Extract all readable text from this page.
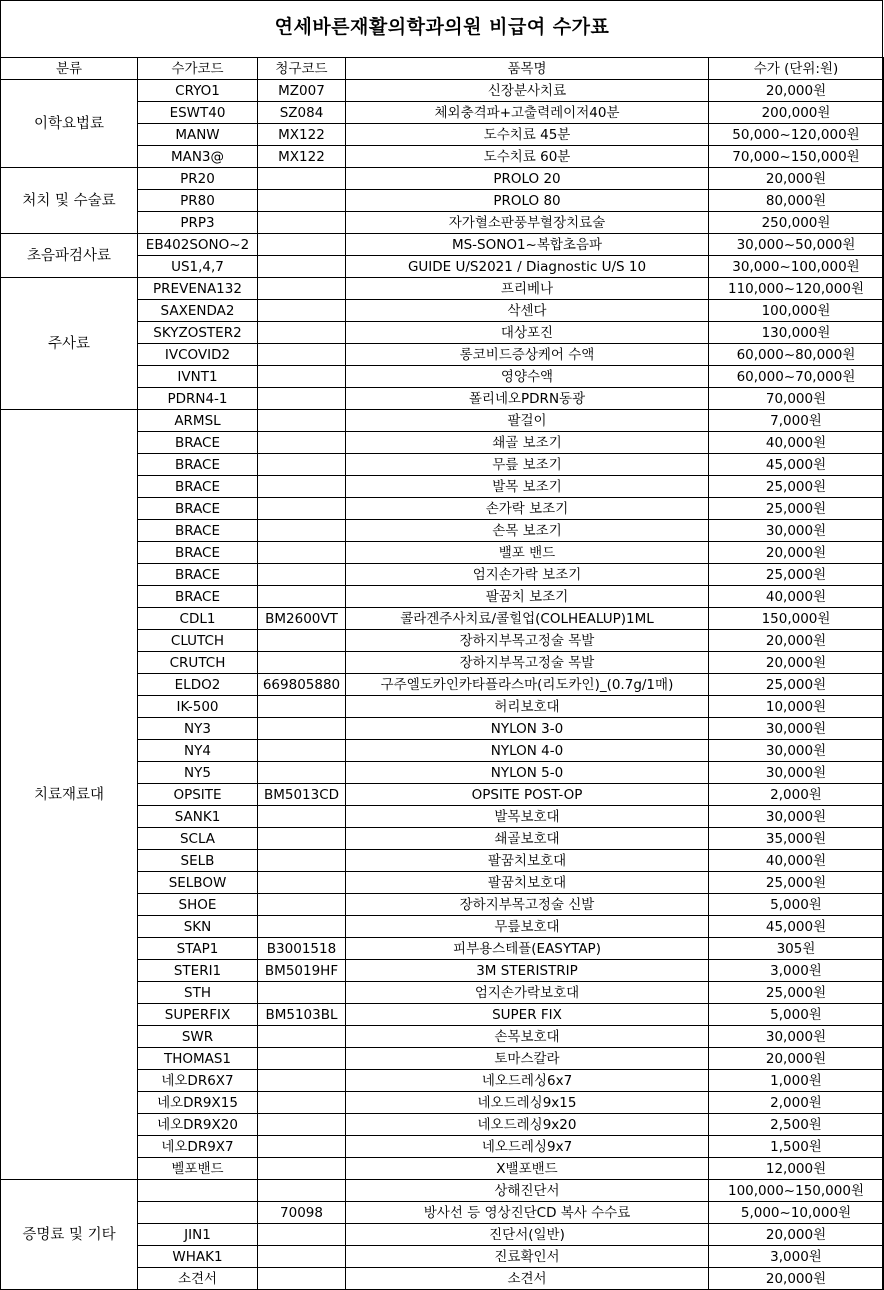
연세바른재활의학과의원 비급여 수가표
분류	수가코드	청구코드	품목명	수가 (단위:원)
이학요법료	CRYO1	MZ007	신장분사치료	20,000원
	ESWT40	SZ084	체외충격파+고출력레이저40분	200,000원
	MANW	MX122	도수치료 45분	50,000~120,000원
	MAN3@	MX122	도수치료 60분	70,000~150,000원
처치 및 수술료	PR20		PROLO 20	20,000원
	PR80		PROLO 80	80,000원
	PRP3		자가혈소판풍부혈장치료술	250,000원
초음파검사료	EB402SONO~2		MS-SONO1~복합초음파	30,000~50,000원
	US1,4,7		GUIDE U/S2021 / Diagnostic U/S 10	30,000~100,000원
주사료	PREVENA132		프리베나	110,000~120,000원
	SAXENDA2		삭센다	100,000원
	SKYZOSTER2		대상포진	130,000원
	IVCOVID2		롱코비드증상케어 수액	60,000~80,000원
	IVNT1		영양수액	60,000~70,000원
	PDRN4-1		폴리네오PDRN동광	70,000원
치료재료대	ARMSL		팔걸이	7,000원
	BRACE		쇄골 보조기	40,000원
	BRACE		무릎 보조기	45,000원
	BRACE		발목 보조기	25,000원
	BRACE		손가락 보조기	25,000원
	BRACE		손목 보조기	30,000원
	BRACE		밸포 밴드	20,000원
	BRACE		엄지손가락 보조기	25,000원
	BRACE		팔꿈치 보조기	40,000원
	CDL1	BM2600VT	콜라겐주사치료/콜힐업(COLHEALUP)1ML	150,000원
	CLUTCH		장하지부목고정술 목발	20,000원
	CRUTCH		장하지부목고정술 목발	20,000원
	ELDO2	669805880	구주엘도카인카타플라스마(리도카인)_(0.7g/1매)	25,000원
	IK-500		허리보호대	10,000원
	NY3		NYLON 3-0	30,000원
	NY4		NYLON 4-0	30,000원
	NY5		NYLON 5-0	30,000원
	OPSITE	BM5013CD	OPSITE POST-OP	2,000원
	SANK1		발목보호대	30,000원
	SCLA		쇄골보호대	35,000원
	SELB		팔꿈치보호대	40,000원
	SELBOW		팔꿈치보호대	25,000원
	SHOE		장하지부목고정술 신발	5,000원
	SKN		무릎보호대	45,000원
	STAP1	B3001518	피부용스테플(EASYTAP)	305원
	STERI1	BM5019HF	3M STERISTRIP	3,000원
	STH		엄지손가락보호대	25,000원
	SUPERFIX	BM5103BL	SUPER FIX	5,000원
	SWR		손목보호대	30,000원
	THOMAS1		토마스칼라	20,000원
	네오DR6X7		네오드레싱6x7	1,000원
	네오DR9X15		네오드레싱9x15	2,000원
	네오DR9X20		네오드레싱9x20	2,500원
	네오DR9X7		네오드레싱9x7	1,500원
	벨포밴드		X밸포밴드	12,000원
증명료 및 기타			상해진단서	100,000~150,000원
		70098	방사선 등 영상진단CD 복사 수수료	5,000~10,000원
	JIN1		진단서(일반)	20,000원
	WHAK1		진료확인서	3,000원
	소견서		소견서	20,000원
